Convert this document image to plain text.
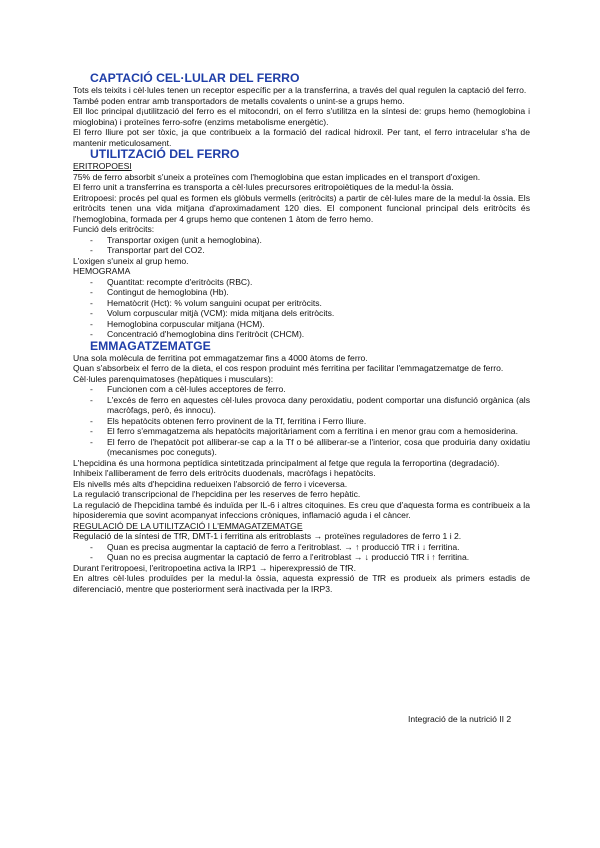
CAPTACIÓ CEL·LULAR DEL FERRO

Tots els teixits i cèl·lules tenen un receptor específic per a la transferrina, a través del qual regulen la captació del ferro.

També poden entrar amb transportadors de metalls covalents o unint-se a grups hemo.

Ell lloc principal d¡utilització del ferro es el mitocondri, on el ferro s'utilitza en la síntesi de: grups hemo (hemoglobina i mioglobina) i proteïnes ferro-sofre (enzims metabolisme energètic).

El ferro lliure pot ser tòxic, ja que contribueix a la formació del radical hidroxil. Per tant, el ferro intracelular s'ha de mantenir meticulosament.

UTILITZACIÓ DEL FERRO

ERITROPOESI

75% de ferro absorbit s'uneix a proteïnes com l'hemoglobina que estan implicades en el transport d'oxigen.

El ferro unit a transferrina es transporta a cèl·lules precursores eritropoiètiques de la medul·la òssia.

Eritropoesi: procés pel qual es formen els glòbuls vermells (eritròcits) a partir de cèl·lules mare de la medul·la òssia. Els eritròcits tenen una vida mitjana d'aproximadament 120 dies. El component funcional principal dels eritròcits és l'hemoglobina, formada per 4 grups hemo que contenen 1 àtom de ferro hemo.

Funció dels eritròcits:

- Transportar oxigen (unit a hemoglobina).
- Transportar part del CO2.

L'oxigen s'uneix al grup hemo.

HEMOGRAMA

- Quantitat: recompte d'eritròcits (RBC).
- Contingut de hemoglobina (Hb).
- Hematòcrit (Hct): % volum sanguini ocupat per eritròcits.
- Volum corpuscular mitjà (VCM): mida mitjana dels eritròcits.
- Hemoglobina corpuscular mitjana (HCM).
- Concentració d'hemoglobina dins l'eritròcit (CHCM).
EMMAGATZEMATGE

Una sola molècula de ferritina pot emmagatzemar fins a 4000 àtoms de ferro.

Quan s'absorbeix el ferro de la dieta, el cos respon produint més ferritina per facilitar l'emmagatzematge de ferro.

Cèl·lules parenquimatoses (hepàtiques i musculars):

- Funcionen com a cèl·lules acceptores de ferro.
- L'excés de ferro en aquestes cèl·lules provoca dany peroxidatiu, podent comportar una disfunció orgànica (als macròfags, però, és innocu).
- Els hepatòcits obtenen ferro provinent de la Tf, ferritina i Ferro lliure.
- El ferro s'emmagatzema als hepatòcits majoritàriament com a ferritina i en menor grau com a hemosiderina.
- El ferro de l'hepatòcit pot alliberar-se cap a la Tf o bé alliberar-se a l'interior, cosa que produiria dany oxidatiu (mecanismes poc coneguts).

L'hepcidina és una hormona peptídica sintetitzada principalment al fetge que regula la ferroportina (degradació).

Inhibeix l'alliberament de ferro dels eritròcits duodenals, macròfags i hepatòcits.

Els nivells més alts d'hepcidina redueixen l'absorció de ferro i viceversa.

La regulació transcripcional de l'hepcidina per les reserves de ferro hepàtic.

La regulació de l'hepcidina també és induïda per IL-6 i altres citoquines. Es creu que d'aquesta forma es contribueix a la hiposideremia que sovint acompanyat infeccions cròniques, inflamació aguda i el càncer.

REGULACIÓ DE LA UTILITZACIÓ I L'EMMAGATZEMATGE

Regulació de la síntesi de TfR, DMT-1 i ferritina als eritroblasts → proteïnes reguladores de ferro 1 i 2.

- Quan es precisa augmentar la captació de ferro a l'eritroblast. → ↑ producció TfR i ↓ ferritina.
- Quan no es precisa augmentar la captació de ferro a l'eritroblast → ↓ producció TfR i ↑ ferritina.

Durant l'eritropoesi, l'eritropoetina activa la IRP1 → hiperexpressió de TfR.

En altres cèl·lules produïdes per la medul·la òssia, aquesta expressió de TfR es produeix als primers estadis de diferenciació, mentre que posteriorment serà inactivada per la IRP3.

Integració de la nutrició II 2
